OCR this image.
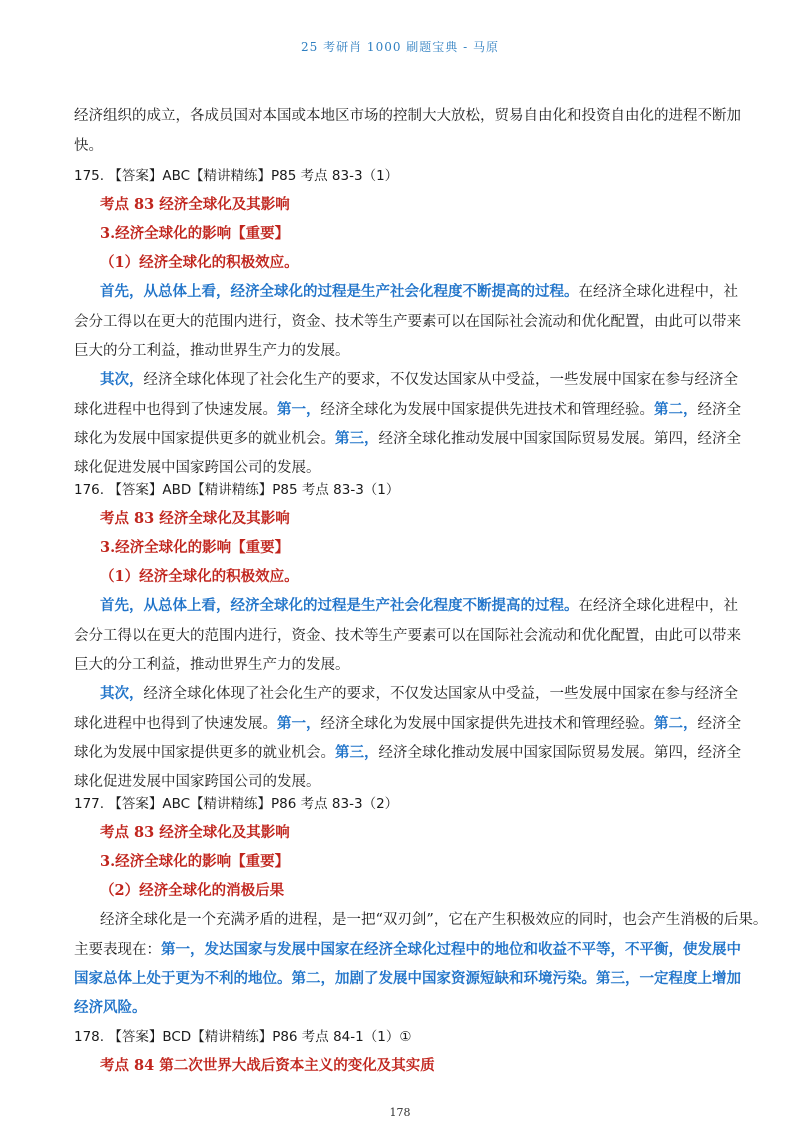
25 考研肖 1000 刷题宝典 - 马原
经济组织的成立，各成员国对本国或本地区市场的控制大大放松，贸易自由化和投资自由化的进程不断加
快。
175. 【答案】ABC【精讲精练】P85 考点 83-3（1）
考点 83 经济全球化及其影响
3.经济全球化的影响【重要】
（1）经济全球化的积极效应。
首先，从总体上看，经济全球化的过程是生产社会化程度不断提高的过程。在经济全球化进程中，社
会分工得以在更大的范围内进行，资金、技术等生产要素可以在国际社会流动和优化配置，由此可以带来
巨大的分工利益，推动世界生产力的发展。
其次，经济全球化体现了社会化生产的要求，不仅发达国家从中受益，一些发展中国家在参与经济全
球化进程中也得到了快速发展。第一，经济全球化为发展中国家提供先进技术和管理经验。第二，经济全
球化为发展中国家提供更多的就业机会。第三，经济全球化推动发展中国家国际贸易发展。第四，经济全
球化促进发展中国家跨国公司的发展。
176. 【答案】ABD【精讲精练】P85 考点 83-3（1）
考点 83 经济全球化及其影响
3.经济全球化的影响【重要】
（1）经济全球化的积极效应。
首先，从总体上看，经济全球化的过程是生产社会化程度不断提高的过程。在经济全球化进程中，社
会分工得以在更大的范围内进行，资金、技术等生产要素可以在国际社会流动和优化配置，由此可以带来
巨大的分工利益，推动世界生产力的发展。
其次，经济全球化体现了社会化生产的要求，不仅发达国家从中受益，一些发展中国家在参与经济全
球化进程中也得到了快速发展。第一，经济全球化为发展中国家提供先进技术和管理经验。第二，经济全
球化为发展中国家提供更多的就业机会。第三，经济全球化推动发展中国家国际贸易发展。第四，经济全
球化促进发展中国家跨国公司的发展。
177. 【答案】ABC【精讲精练】P86 考点 83-3（2）
考点 83 经济全球化及其影响
3.经济全球化的影响【重要】
（2）经济全球化的消极后果
经济全球化是一个充满矛盾的进程，是一把“双刃剑”，它在产生积极效应的同时，也会产生消极的后果。
主要表现在：第一，发达国家与发展中国家在经济全球化过程中的地位和收益不平等，不平衡，使发展中
国家总体上处于更为不利的地位。第二，加剧了发展中国家资源短缺和环境污染。第三，一定程度上增加
经济风险。
178. 【答案】BCD【精讲精练】P86 考点 84-1（1）①
考点 84 第二次世界大战后资本主义的变化及其实质
178
